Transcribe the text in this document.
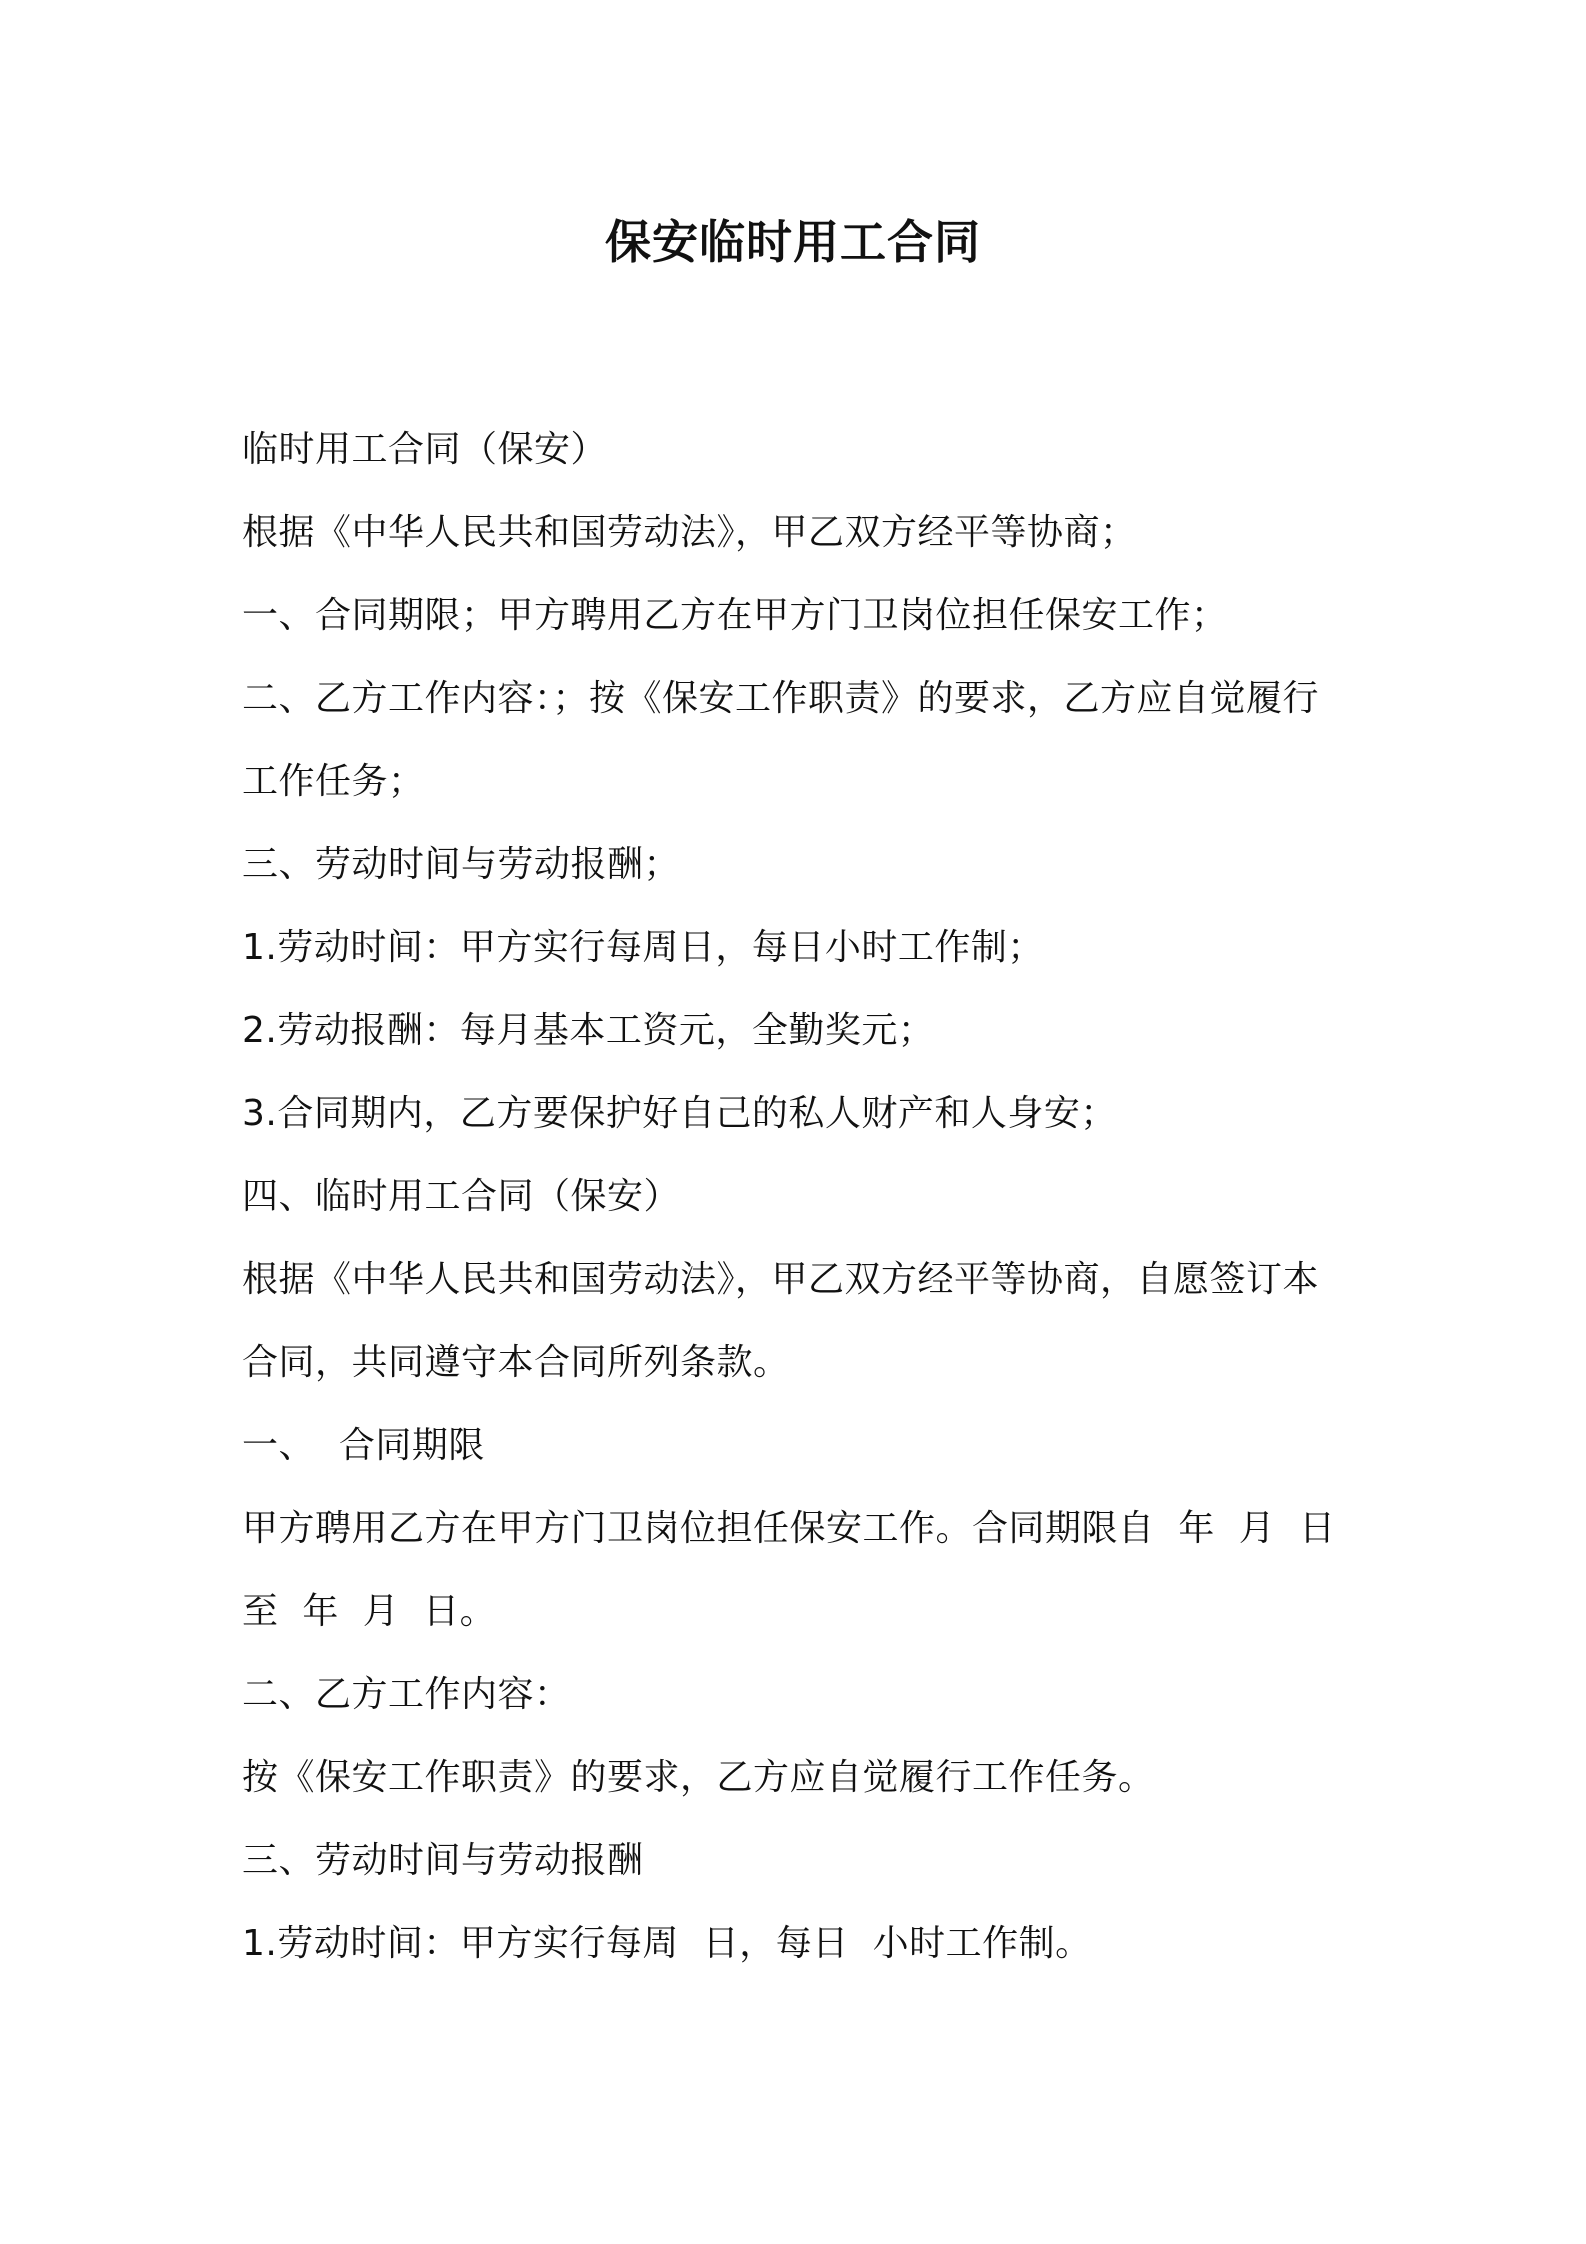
保安临时用工合同
临时用工合同（保安）
根据《中华人民共和国劳动法》，甲乙双方经平等协商；
一、合同期限；甲方聘用乙方在甲方门卫岗位担任保安工作；
二、乙方工作内容：；按《保安工作职责》的要求，乙方应自觉履行
工作任务；
三、劳动时间与劳动报酬；
1.劳动时间：甲方实行每周日，每日小时工作制；
2.劳动报酬：每月基本工资元，全勤奖元；
3.合同期内，乙方要保护好自己的私人财产和人身安；
四、临时用工合同（保安）
根据《中华人民共和国劳动法》，甲乙双方经平等协商，自愿签订本
合同，共同遵守本合同所列条款。
一、  合同期限
甲方聘用乙方在甲方门卫岗位担任保安工作。合同期限自  年  月  日
至  年  月  日。
二、乙方工作内容：
按《保安工作职责》的要求，乙方应自觉履行工作任务。
三、劳动时间与劳动报酬
1.劳动时间：甲方实行每周  日，每日  小时工作制。
